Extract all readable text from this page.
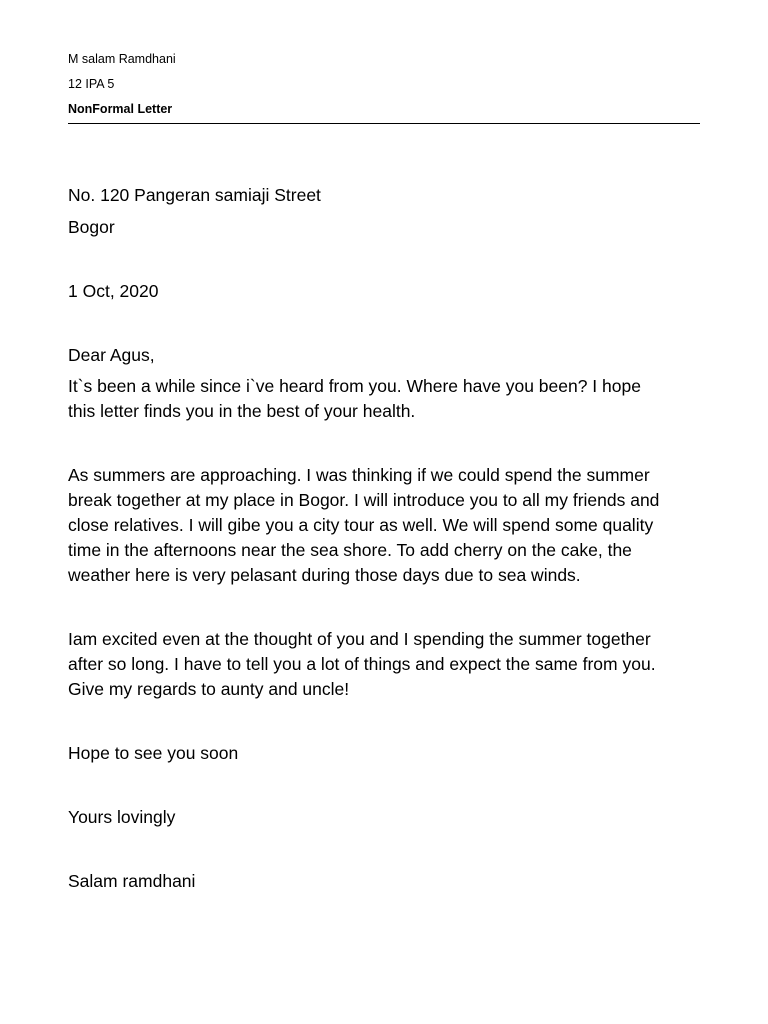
M salam Ramdhani
12 IPA 5
NonFormal Letter
No. 120 Pangeran samiaji Street
Bogor
1 Oct, 2020
Dear Agus,
It`s been a while since i`ve heard from you. Where have you been? I hope
this letter finds you in the best of your health.
As summers are approaching. I was thinking if we could spend the summer
break together at my place in Bogor. I will introduce you to all my friends and
close relatives. I will gibe you a city tour as well. We will spend some quality
time in the afternoons near the sea shore. To add cherry on the cake, the
weather here is very pelasant during those days due to sea winds.
Iam excited even at the thought of you and I spending the summer together
after so long. I have to tell you a lot of things and expect the same from you.
Give my regards to aunty and uncle!
Hope to see you soon
Yours lovingly
Salam ramdhani
